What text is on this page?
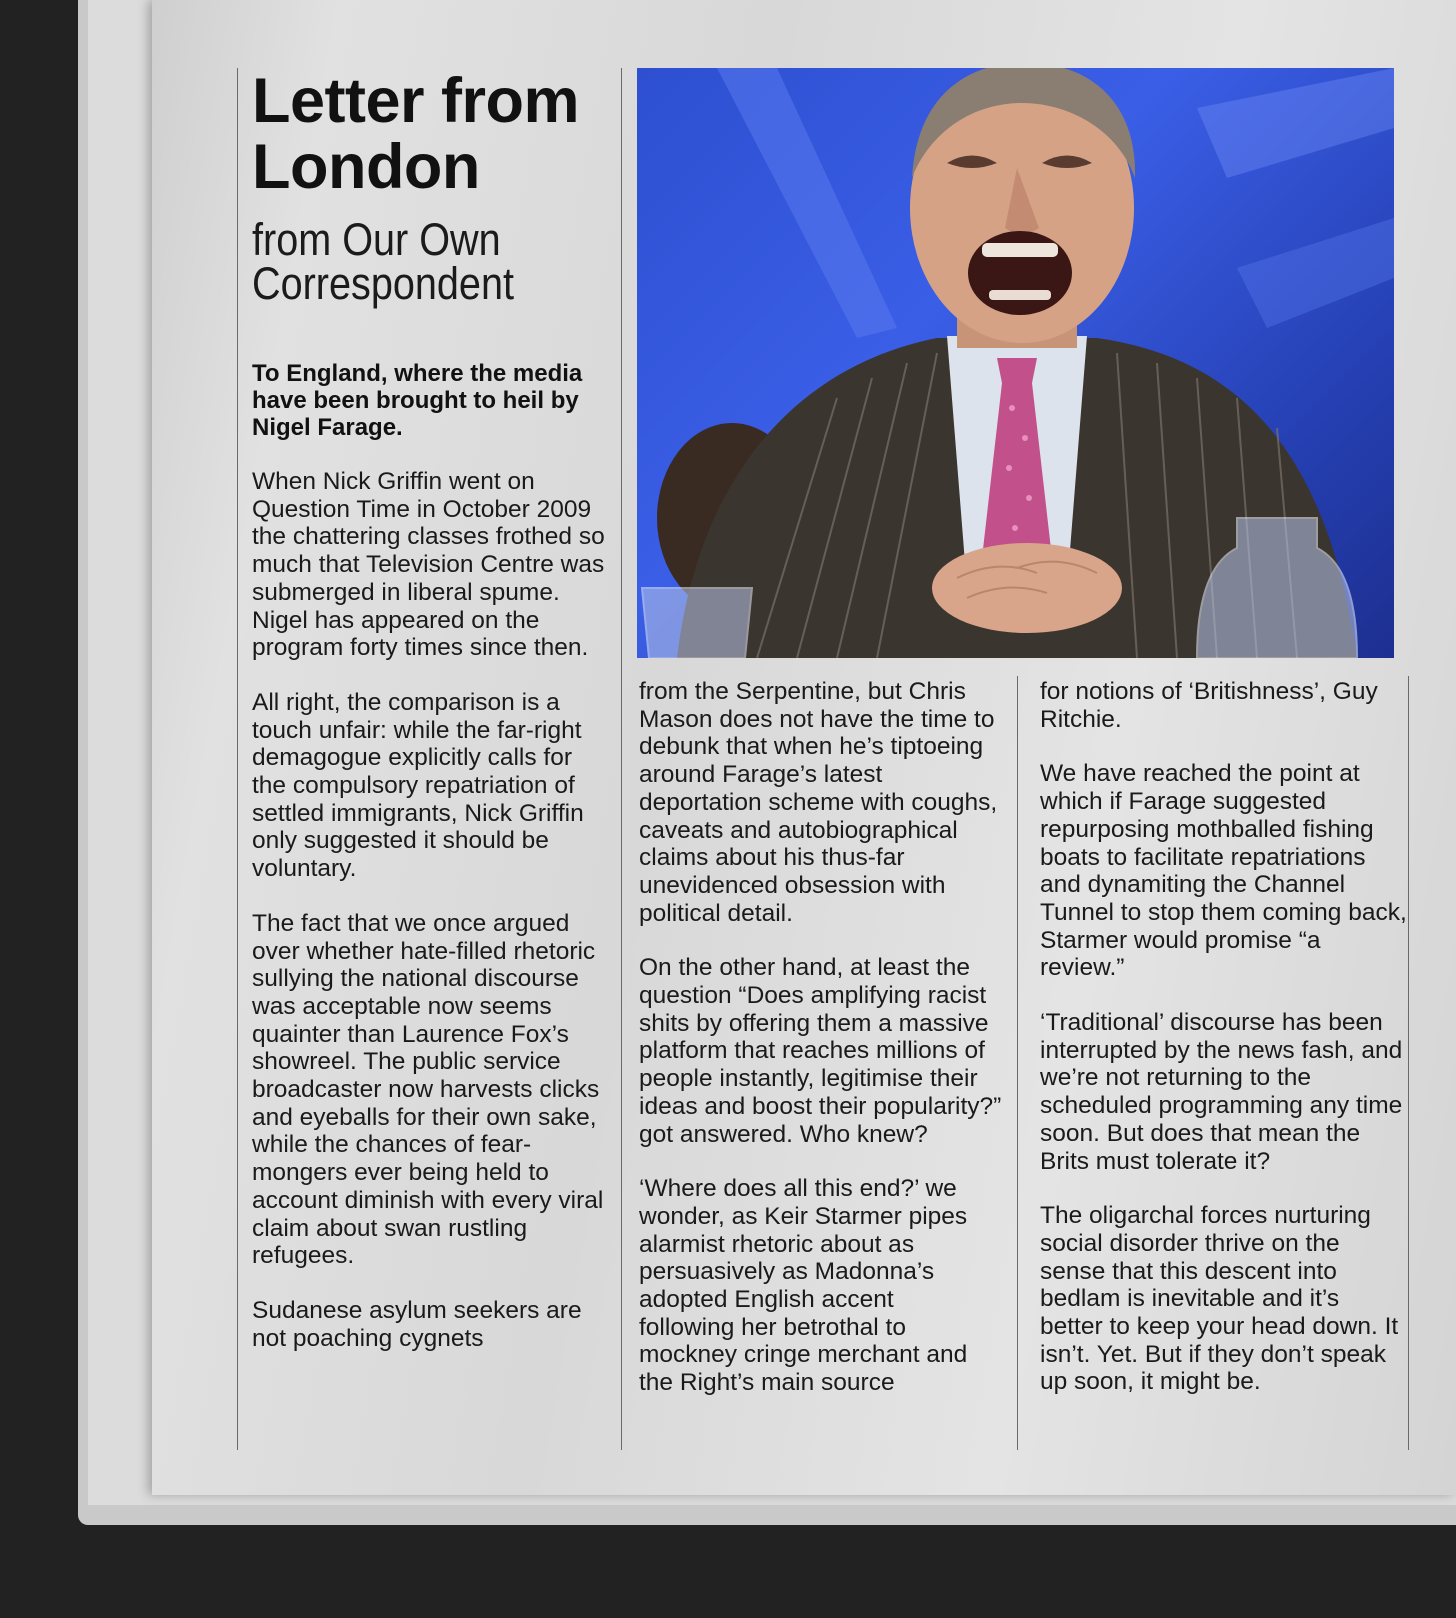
Letter from London
from Our Own
Correspondent

To England, where the media have been brought to heil by Nigel Farage.

When Nick Griffin went on Question Time in October 2009 the chattering classes frothed so much that Television Centre was submerged in liberal spume. Nigel has appeared on the program forty times since then.

All right, the comparison is a touch unfair: while the far-right demagogue explicitly calls for the compulsory repatriation of settled immigrants, Nick Griffin only suggested it should be voluntary.

The fact that we once argued over whether hate-filled rhetoric sullying the national discourse was acceptable now seems quainter than Laurence Fox’s showreel. The public service broadcaster now harvests clicks and eyeballs for their own sake, while the chances of fear-mongers ever being held to account diminish with every viral claim about swan rustling refugees.

Sudanese asylum seekers are not poaching cygnets

from the Serpentine, but Chris Mason does not have the time to debunk that when he’s tiptoeing around Farage’s latest deportation scheme with coughs, caveats and autobiographical claims about his thus-far unevidenced obsession with political detail.

On the other hand, at least the question “Does amplifying racist shits by offering them a massive platform that reaches millions of people instantly, legitimise their ideas and boost their popularity?” got answered. Who knew?

‘Where does all this end?’ we wonder, as Keir Starmer pipes alarmist rhetoric about as persuasively as Madonna’s adopted English accent following her betrothal to mockney cringe merchant and the Right’s main source

for notions of ‘Britishness’, Guy Ritchie.

We have reached the point at which if Farage suggested repurposing mothballed fishing boats to facilitate repatriations and dynamiting the Channel Tunnel to stop them coming back, Starmer would promise “a review.”

‘Traditional’ discourse has been interrupted by the news fash, and we’re not returning to the scheduled programming any time soon. But does that mean the Brits must tolerate it?

The oligarchal forces nurturing social disorder thrive on the sense that this descent into bedlam is inevitable and it’s better to keep your head down. It isn’t. Yet. But if they don’t speak up soon, it might be.
